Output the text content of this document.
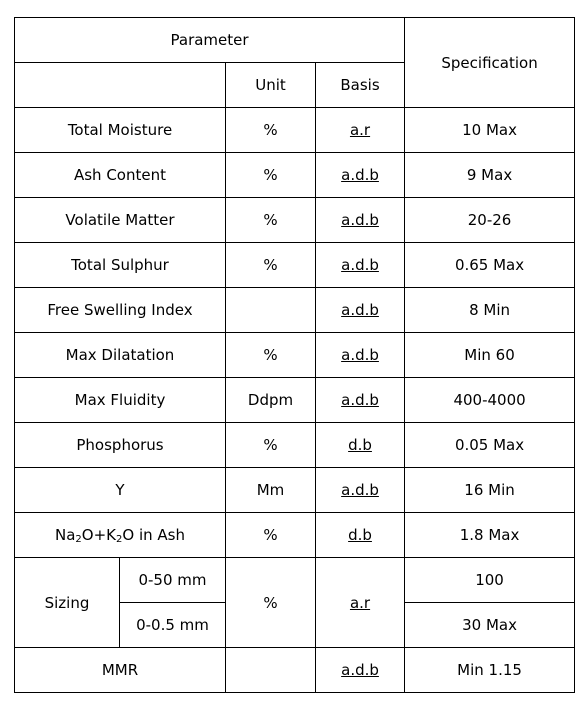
Parameter				Specification
		Unit	Basis	
Total Moisture		%	a.r	10 Max
Ash Content		%	a.d.b	9 Max
Volatile Matter		%	a.d.b	20-26
Total Sulphur		%	a.d.b	0.65 Max
Free Swelling Index			a.d.b	8 Min
Max Dilatation		%	a.d.b	Min 60
Max Fluidity		Ddpm	a.d.b	400-4000
Phosphorus		%	d.b	0.05 Max
Y		Mm	a.d.b	16 Min
$Na_2O+K_2O$ in Ash		%	d.b	1.8 Max
Sizing	0-50 mm	%	a.r	100
	0-0.5 mm			30 Max
MMR			a.d.b	Min 1.15
